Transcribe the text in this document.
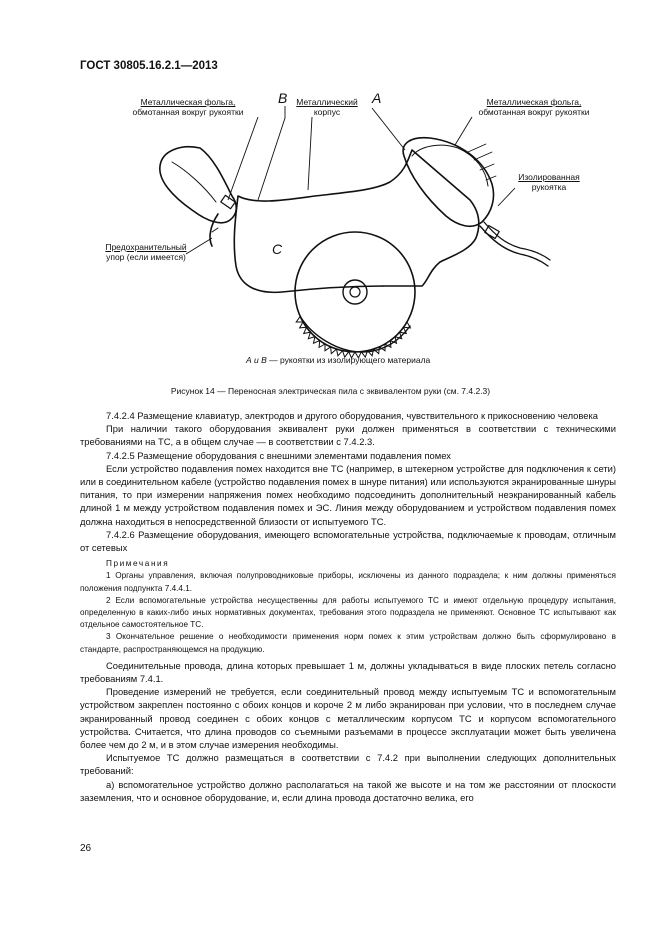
ГОСТ 30805.16.2.1—2013
Металлическая фольга,
обмотанная вокруг рукоятки
B Металлический
корпус
A	Металлическая фольга,
обмотанная вокруг рукоятки
Изолированная
рукоятка
Предохранительный
упор (если имеется)	C
А и В — рукоятки из изолирующего материала
Рисунок 14 — Переносная электрическая пила с эквивалентом руки (см. 7.4.2.3)

7.4.2.4 Размещение клавиатур, электродов и другого оборудования, чувствительного к прикосновению человека

При наличии такого оборудования эквивалент руки должен применяться в соответствии с техническими требованиями на ТС, а в общем случае — в соответствии с 7.4.2.3.

7.4.2.5 Размещение оборудования с внешними элементами подавления помех

Если устройство подавления помех находится вне ТС (например, в штекерном устройстве для подключения к сети) или в соединительном кабеле (устройство подавления помех в шнуре питания) или используются экранированные шнуры питания, то при измерении напряжения помех необходимо подсоединить дополнительный неэкранированный кабель длиной 1 м между устройством подавления помех и ЭС. Линия между оборудованием и устройством подавления помех должна находиться в непосредственной близости от испытуемого ТС.

7.4.2.6 Размещение оборудования, имеющего вспомогательные устройства, подключаемые к проводам, отличным от сетевых

Примечания

1 Органы управления, включая полупроводниковые приборы, исключены из данного подраздела; к ним должны применяться положения подпункта 7.4.4.1.

2 Если вспомогательные устройства несущественны для работы испытуемого ТС и имеют отдельную процедуру испытания, определенную в каких-либо иных нормативных документах, требования этого подраздела не применяют. Основное ТС испытывают как отдельное самостоятельное ТС.

3 Окончательное решение о необходимости применения норм помех к этим устройствам должно быть сформулировано в стандарте, распространяющемся на продукцию.

Соединительные провода, длина которых превышает 1 м, должны укладываться в виде плоских петель согласно требованиям 7.4.1.

Проведение измерений не требуется, если соединительный провод между испытуемым ТС и вспомогательным устройством закреплен постоянно с обоих концов и короче 2 м либо экранирован при условии, что в последнем случае экранированный провод соединен с обоих концов с металлическим корпусом ТС и корпусом вспомогательного устройства. Считается, что длина проводов со съемными разъемами в процессе эксплуатации может быть увеличена более чем до 2 м, и в этом случае измерения необходимы.

Испытуемое ТС должно размещаться в соответствии с 7.4.2 при выполнении следующих дополнительных требований:

а) вспомогательное устройство должно располагаться на такой же высоте и на том же расстоянии от плоскости заземления, что и основное оборудование, и, если длина провода достаточно велика, его

26
